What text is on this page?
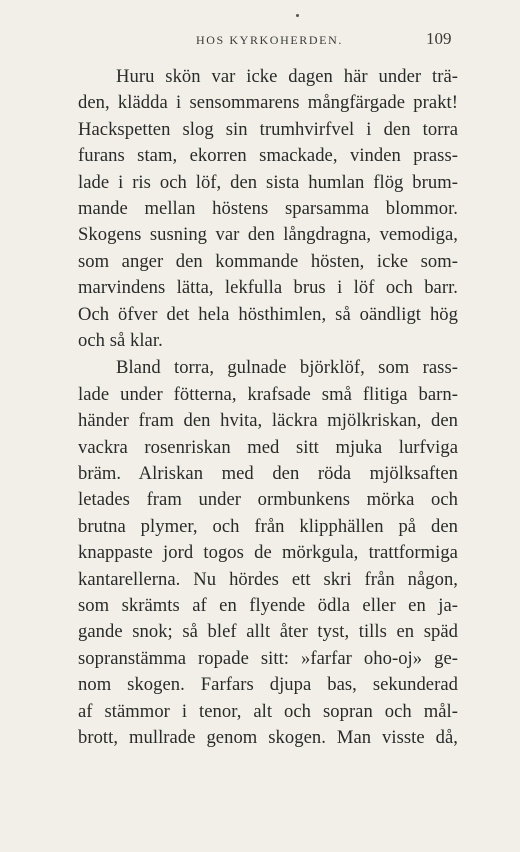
HOS KYRKOHERDEN.	109
Huru skön var icke dagen här under trä-
den, klädda i sensommarens mångfärgade prakt!
Hackspetten slog sin trumhvirfvel i den torra
furans stam, ekorren smackade, vinden prass-
lade i ris och löf, den sista humlan flög brum-
mande mellan höstens sparsamma blommor.
Skogens susning var den långdragna, vemodiga,
som anger den kommande hösten, icke som-
marvindens lätta, lekfulla brus i löf och barr.
Och öfver det hela hösthimlen, så oändligt hög
och så klar.
Bland torra, gulnade björklöf, som rass-
lade under fötterna, krafsade små flitiga barn-
händer fram den hvita, läckra mjölkriskan, den
vackra rosenriskan med sitt mjuka lurfviga
bräm. Alriskan med den röda mjölksaften
letades fram under ormbunkens mörka och
brutna plymer, och från klipphällen på den
knappaste jord togos de mörkgula, trattformiga
kantarellerna. Nu hördes ett skri från någon,
som skrämts af en flyende ödla eller en ja-
gande snok; så blef allt åter tyst, tills en späd
sopranstämma ropade sitt: »farfar oho-oj» ge-
nom skogen. Farfars djupa bas, sekunderad
af stämmor i tenor, alt och sopran och mål-
brott, mullrade genom skogen. Man visste då,
